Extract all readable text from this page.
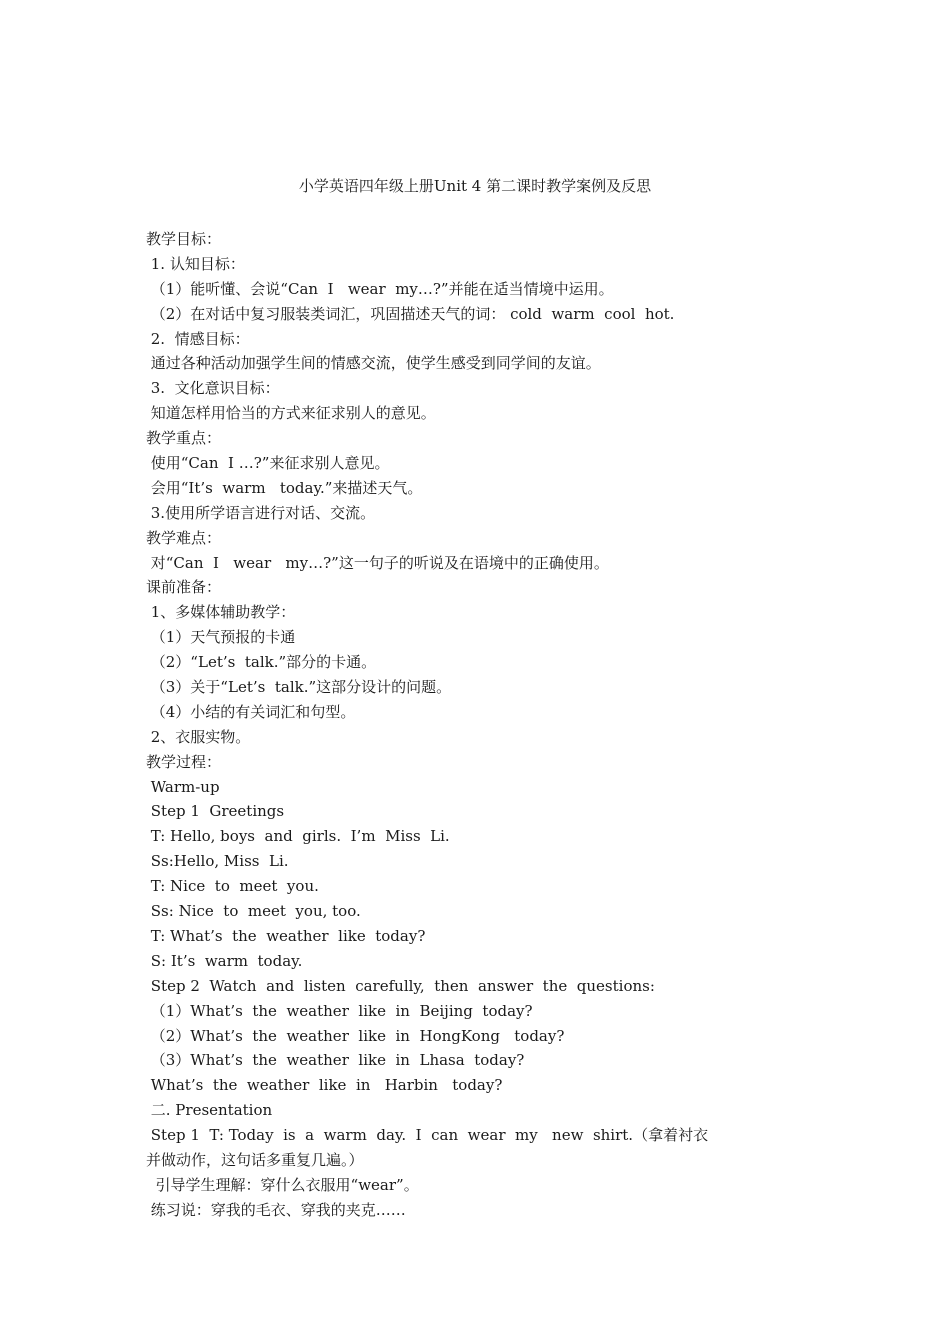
小学英语四年级上册Unit 4 第二课时教学案例及反思
教学目标：
1. 认知目标：
（1）能听懂、会说“Can  I   wear  my…?”并能在适当情境中运用。
（2）在对话中复习服装类词汇，巩固描述天气的词： cold  warm  cool  hot.
2.  情感目标：
通过各种活动加强学生间的情感交流，使学生感受到同学间的友谊。
3.  文化意识目标：
知道怎样用恰当的方式来征求别人的意见。
教学重点：
使用“Can  I …?”来征求别人意见。
会用“It’s  warm   today.”来描述天气。
3.使用所学语言进行对话、交流。
教学难点：
对“Can  I   wear   my…?”这一句子的听说及在语境中的正确使用。
课前准备：
1、多媒体辅助教学：
（1）天气预报的卡通
（2）“Let’s  talk.”部分的卡通。
（3）关于“Let’s  talk.”这部分设计的问题。
（4）小结的有关词汇和句型。
2、衣服实物。
教学过程：
Warm-up
Step 1  Greetings
T: Hello, boys  and  girls.  I’m  Miss  Li.
Ss:Hello, Miss  Li.
T: Nice  to  meet  you.
Ss: Nice  to  meet  you, too.
T: What’s  the  weather  like  today?
S: It’s  warm  today.
Step 2  Watch  and  listen  carefully,  then  answer  the  questions:
（1）What’s  the  weather  like  in  Beijing  today?
（2）What’s  the  weather  like  in  HongKong   today?
（3）What’s  the  weather  like  in  Lhasa  today?
What’s  the  weather  like  in   Harbin   today?
二. Presentation
Step 1  T: Today  is  a  warm  day.  I  can  wear  my   new  shirt.（拿着衬衣
并做动作，这句话多重复几遍。）
引导学生理解：穿什么衣服用“wear”。
练习说：穿我的毛衣、穿我的夹克……
